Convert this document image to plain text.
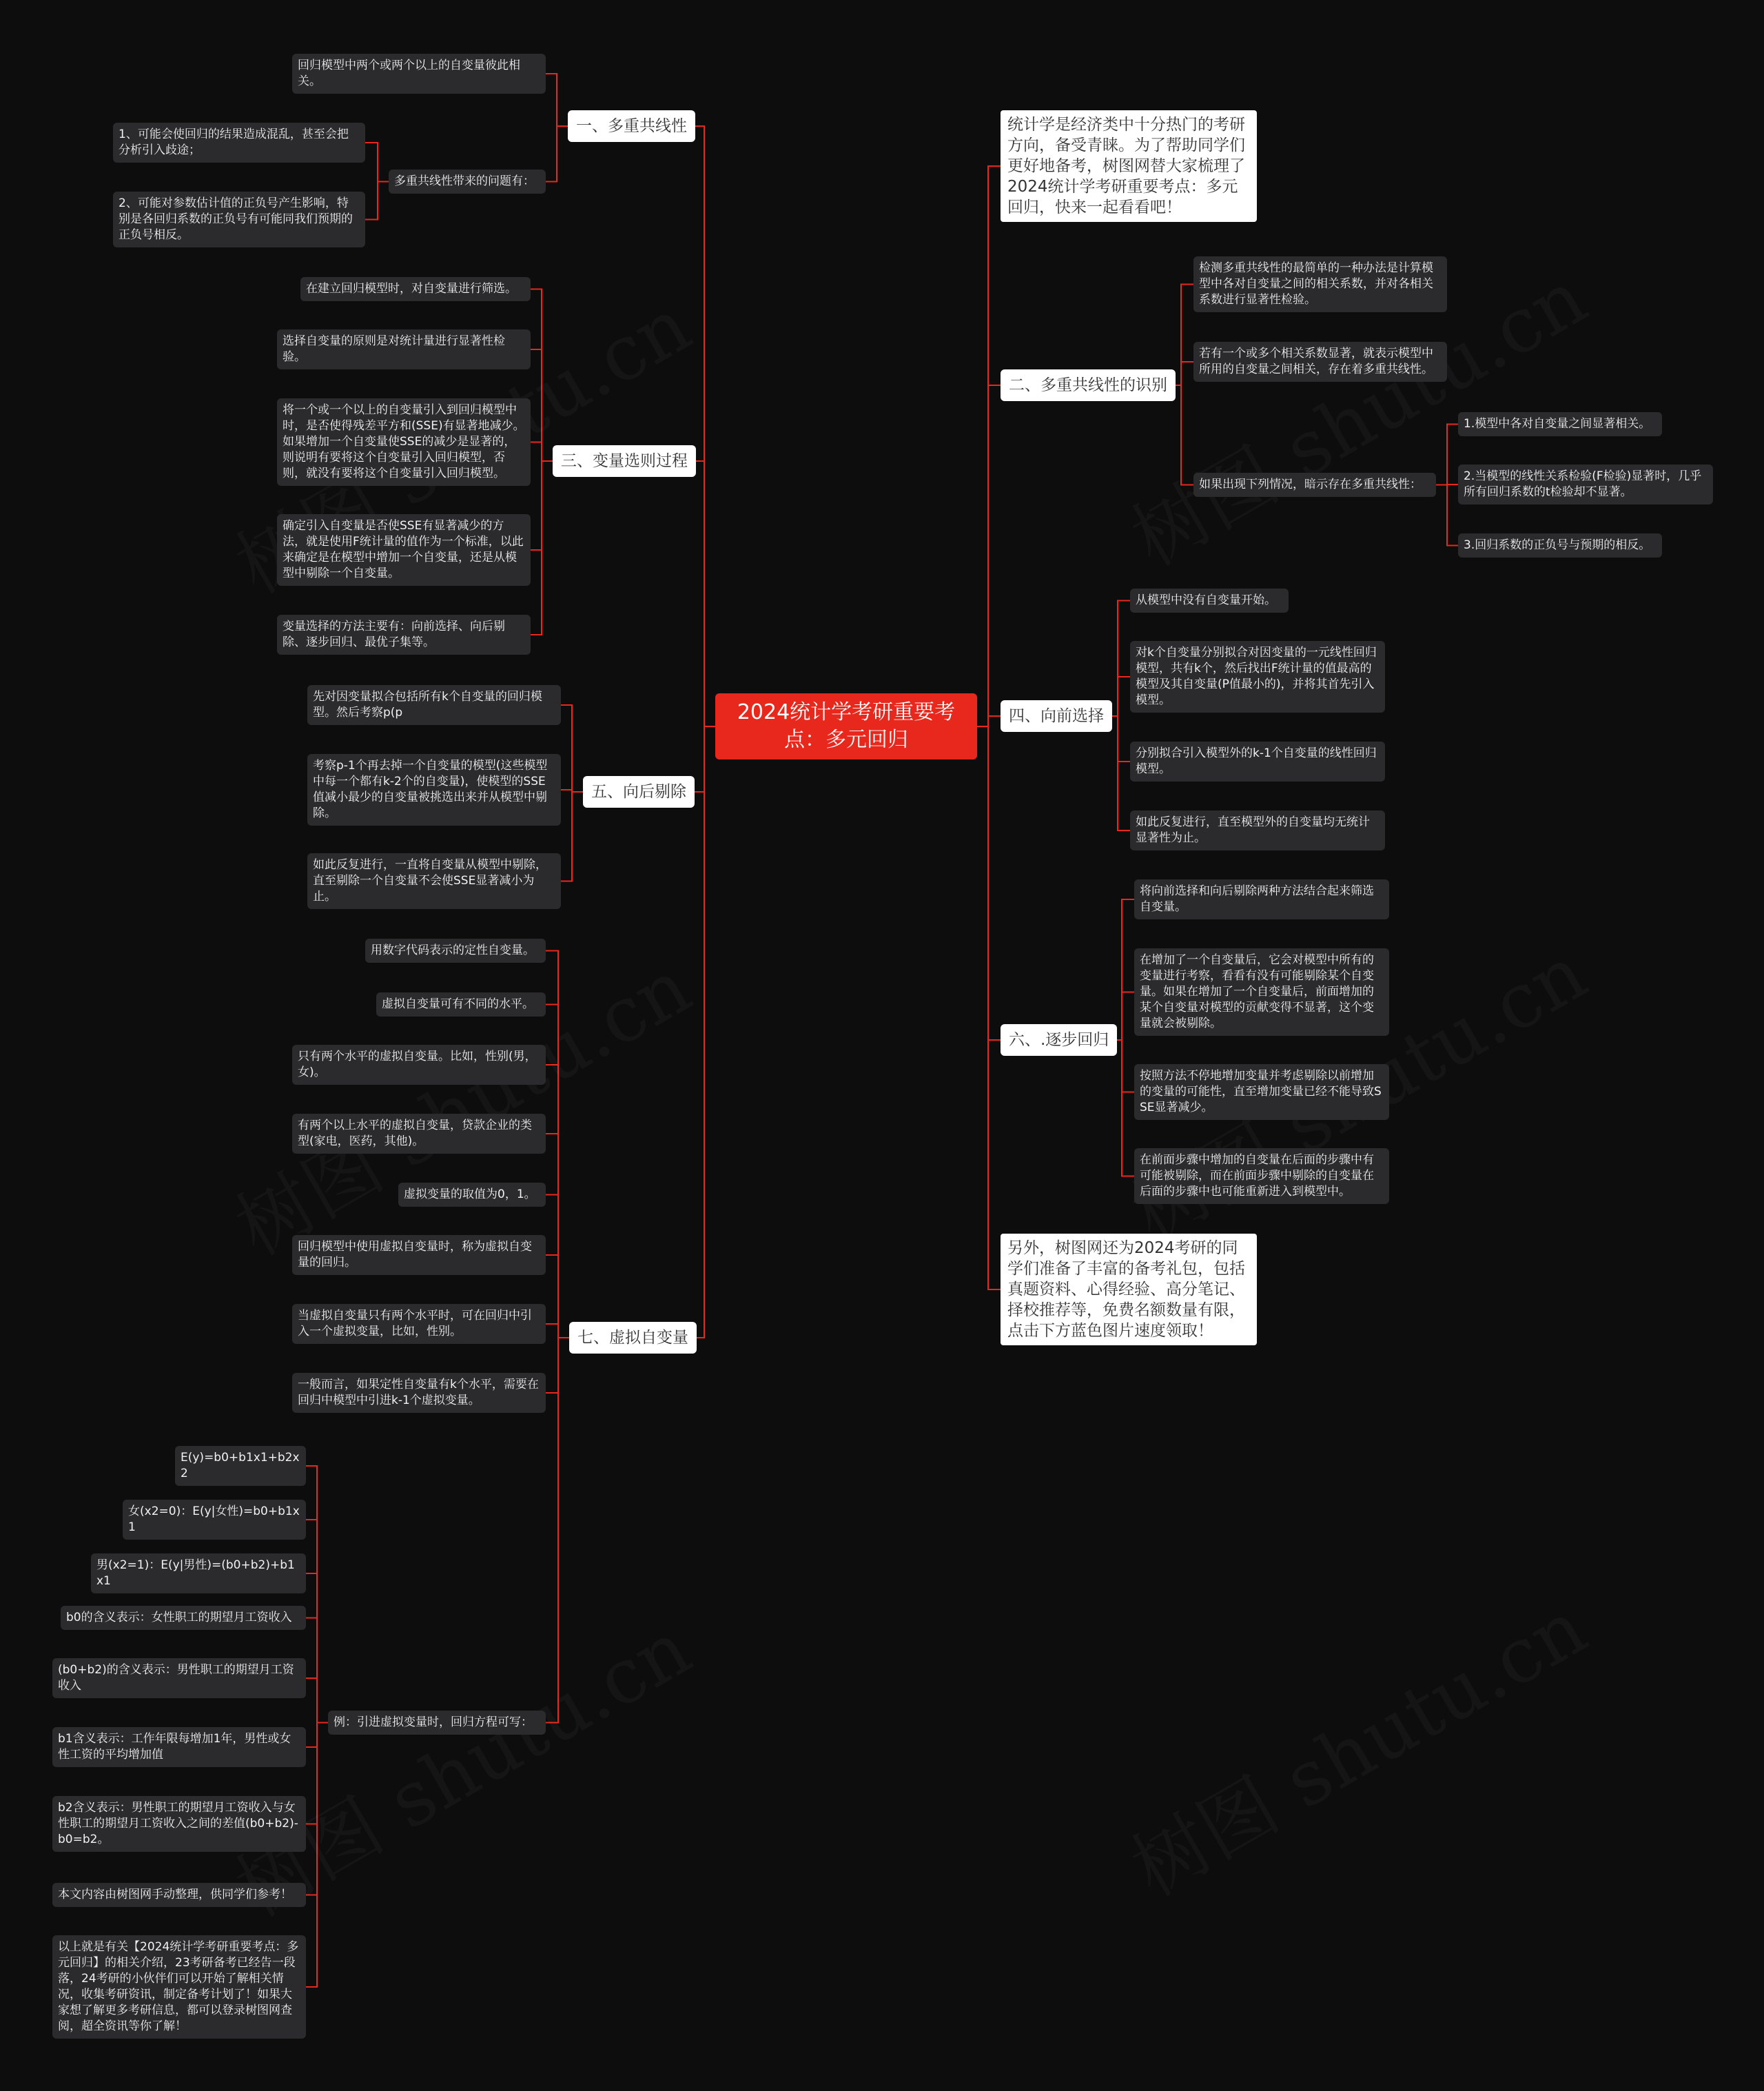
2024统计学考研重要考点：多元回归
统计学是经济类中十分热门的考研方向，备受青睐。为了帮助同学们更好地备考，树图网替大家梳理了2024统计学考研重要考点：多元回归，快来一起看看吧！
另外，树图网还为2024考研的同学们准备了丰富的备考礼包，包括真题资料、心得经验、高分笔记、择校推荐等，免费名额数量有限，点击下方蓝色图片速度领取！
一、多重共线性
二、多重共线性的识别
三、变量选则过程
四、向前选择
五、向后剔除
六、.逐步回归
七、虚拟自变量
回归模型中两个或两个以上的自变量彼此相关。
多重共线性带来的问题有：
1、可能会使回归的结果造成混乱，甚至会把分析引入歧途；
2、可能对参数估计值的正负号产生影响，特别是各回归系数的正负号有可能同我们预期的正负号相反。
检测多重共线性的最简单的一种办法是计算模型中各对自变量之间的相关系数，并对各相关系数进行显著性检验。
若有一个或多个相关系数显著，就表示模型中所用的自变量之间相关，存在着多重共线性。
如果出现下列情况，暗示存在多重共线性：
1.模型中各对自变量之间显著相关。
2.当模型的线性关系检验(F检验)显著时，几乎所有回归系数的t检验却不显著。
3.回归系数的正负号与预期的相反。
在建立回归模型时，对自变量进行筛选。
选择自变量的原则是对统计量进行显著性检验。
将一个或一个以上的自变量引入到回归模型中时，是否使得残差平方和(SSE)有显著地减少。如果增加一个自变量使SSE的减少是显著的，则说明有要将这个自变量引入回归模型，否则，就没有要将这个自变量引入回归模型。
确定引入自变量是否使SSE有显著减少的方法，就是使用F统计量的值作为一个标准，以此来确定是在模型中增加一个自变量，还是从模型中剔除一个自变量。
变量选择的方法主要有：向前选择、向后剔除、逐步回归、最优子集等。
从模型中没有自变量开始。
对k个自变量分别拟合对因变量的一元线性回归模型，共有k个，然后找出F统计量的值最高的模型及其自变量(P值最小的)，并将其首先引入模型。
分别拟合引入模型外的k-1个自变量的线性回归模型。
如此反复进行，直至模型外的自变量均无统计显著性为止。
先对因变量拟合包括所有k个自变量的回归模型。然后考察p(p
考察p-1个再去掉一个自变量的模型(这些模型中每一个都有k-2个的自变量)，使模型的SSE值减小最少的自变量被挑选出来并从模型中剔除。
如此反复进行，一直将自变量从模型中剔除，直至剔除一个自变量不会使SSE显著减小为止。	将向前选择和向后剔除两种方法结合起来筛选自变量。
在增加了一个自变量后，它会对模型中所有的变量进行考察，看看有没有可能剔除某个自变量。如果在增加了一个自变量后，前面增加的某个自变量对模型的贡献变得不显著，这个变量就会被剔除。
按照方法不停地增加变量并考虑剔除以前增加的变量的可能性，直至增加变量已经不能导致SSE显著减少。
在前面步骤中增加的自变量在后面的步骤中有可能被剔除，而在前面步骤中剔除的自变量在后面的步骤中也可能重新进入到模型中。
用数字代码表示的定性自变量。
虚拟自变量可有不同的水平。
只有两个水平的虚拟自变量。比如，性别(男，女)。
有两个以上水平的虚拟自变量，贷款企业的类型(家电，医药，其他)。
虚拟变量的取值为0，1。
回归模型中使用虚拟自变量时，称为虚拟自变量的回归。
当虚拟自变量只有两个水平时，可在回归中引入一个虚拟变量，比如，性别。
一般而言，如果定性自变量有k个水平，需要在回归中模型中引进k-1个虚拟变量。
例：引进虚拟变量时，回归方程可写：
E(y)=b0+b1x1+b2x2
女(x2=0)：E(y|女性)=b0+b1x1
男(x2=1)：E(y|男性)=(b0+b2)+b1x1
b0的含义表示：女性职工的期望月工资收入
(b0+b2)的含义表示：男性职工的期望月工资收入
b1含义表示：工作年限每增加1年，男性或女性工资的平均增加值
b2含义表示：男性职工的期望月工资收入与女性职工的期望月工资收入之间的差值(b0+b2)-b0=b2。
本文内容由树图网手动整理，供同学们参考！
以上就是有关【2024统计学考研重要考点：多元回归】的相关介绍，23考研备考已经告一段落，24考研的小伙伴们可以开始了解相关情况，收集考研资讯，制定备考计划了！如果大家想了解更多考研信息，都可以登录树图网查阅，超全资讯等你了解！
